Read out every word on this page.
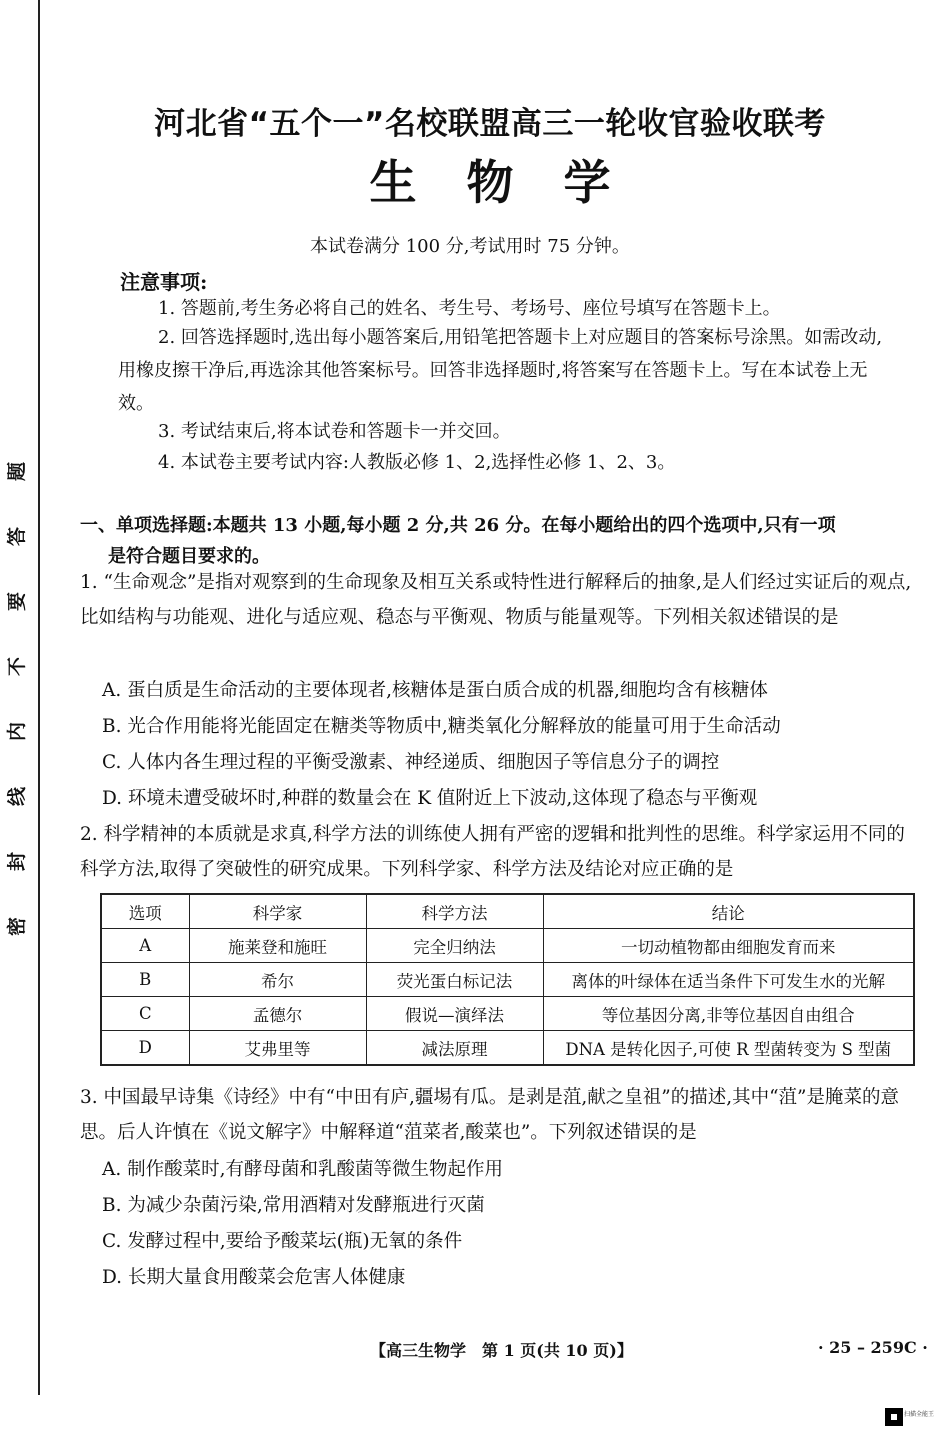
题
答
要
不
内
线
封
密
河北省“五个一”名校联盟高三一轮收官验收联考
生物学
本试卷满分 100 分,考试用时 75 分钟。
注意事项:
1. 答题前,考生务必将自己的姓名、考生号、考场号、座位号填写在答题卡上。
2. 回答选择题时,选出每小题答案后,用铅笔把答题卡上对应题目的答案标号涂黑。如需改动,用橡皮擦干净后,再选涂其他答案标号。回答非选择题时,将答案写在答题卡上。写在本试卷上无效。
3. 考试结束后,将本试卷和答题卡一并交回。
4. 本试卷主要考试内容:人教版必修 1、2,选择性必修 1、2、3。
一、单项选择题:本题共 13 小题,每小题 2 分,共 26 分。在每小题给出的四个选项中,只有一项
是符合题目要求的。
1. “生命观念”是指对观察到的生命现象及相互关系或特性进行解释后的抽象,是人们经过实证后的观点,比如结构与功能观、进化与适应观、稳态与平衡观、物质与能量观等。下列相关叙述错误的是
A. 蛋白质是生命活动的主要体现者,核糖体是蛋白质合成的机器,细胞均含有核糖体
B. 光合作用能将光能固定在糖类等物质中,糖类氧化分解释放的能量可用于生命活动
C. 人体内各生理过程的平衡受激素、神经递质、细胞因子等信息分子的调控
D. 环境未遭受破坏时,种群的数量会在 K 值附近上下波动,这体现了稳态与平衡观
2. 科学精神的本质就是求真,科学方法的训练使人拥有严密的逻辑和批判性的思维。科学家运用不同的科学方法,取得了突破性的研究成果。下列科学家、科学方法及结论对应正确的是
选项	科学家	科学方法	结论
A	施莱登和施旺	完全归纳法	一切动植物都由细胞发育而来
B	希尔	荧光蛋白标记法	离体的叶绿体在适当条件下可发生水的光解
C	孟德尔	假说—演绎法	等位基因分离,非等位基因自由组合
D	艾弗里等	减法原理	DNA 是转化因子,可使 R 型菌转变为 S 型菌
3. 中国最早诗集《诗经》中有“中田有庐,疆埸有瓜。是剥是菹,献之皇祖”的描述,其中“菹”是腌菜的意思。后人许慎在《说文解字》中解释道“菹菜者,酸菜也”。下列叙述错误的是
A. 制作酸菜时,有酵母菌和乳酸菌等微生物起作用
B. 为减少杂菌污染,常用酒精对发酵瓶进行灭菌
C. 发酵过程中,要给予酸菜坛(瓶)无氧的条件
D. 长期大量食用酸菜会危害人体健康
【高三生物学　第 1 页(共 10 页)】	· 25 – 259C ·
扫描全能王
